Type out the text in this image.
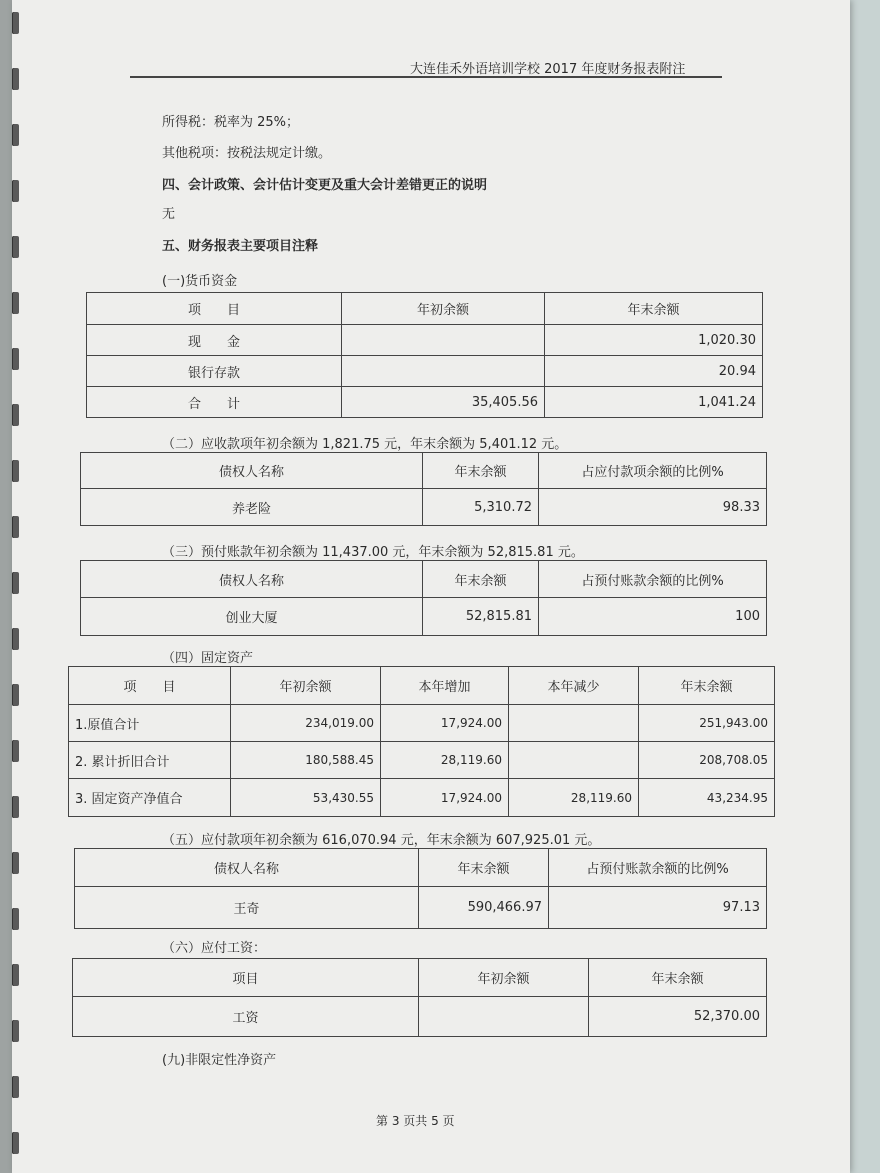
大连佳禾外语培训学校 2017 年度财务报表附注
所得税：税率为 25%；
其他税项：按税法规定计缴。
四、会计政策、会计估计变更及重大会计差错更正的说明
无
五、财务报表主要项目注释
(一)货币资金
项　　目	年初余额	年末余额
现　　金		1,020.30
银行存款		20.94
合　　计	35,405.56	1,041.24
（二）应收款项年初余额为 1,821.75 元，年末余额为 5,401.12 元。
债权人名称	年末余额	占应付款项余额的比例%
养老险	5,310.72	98.33
（三）预付账款年初余额为 11,437.00 元，年末余额为 52,815.81 元。
债权人名称	年末余额	占预付账款余额的比例%
创业大厦	52,815.81	100
（四）固定资产
项　　目	年初余额	本年增加	本年减少	年末余额
1.原值合计	234,019.00	17,924.00		251,943.00
2. 累计折旧合计	180,588.45	28,119.60		208,708.05
3. 固定资产净值合	53,430.55	17,924.00	28,119.60	43,234.95
（五）应付款项年初余额为 616,070.94 元，年末余额为 607,925.01 元。
债权人名称	年末余额	占预付账款余额的比例%
王奇	590,466.97	97.13
（六）应付工资：
项目	年初余额	年末余额
工资		52,370.00
(九)非限定性净资产
第 3 页共 5 页
